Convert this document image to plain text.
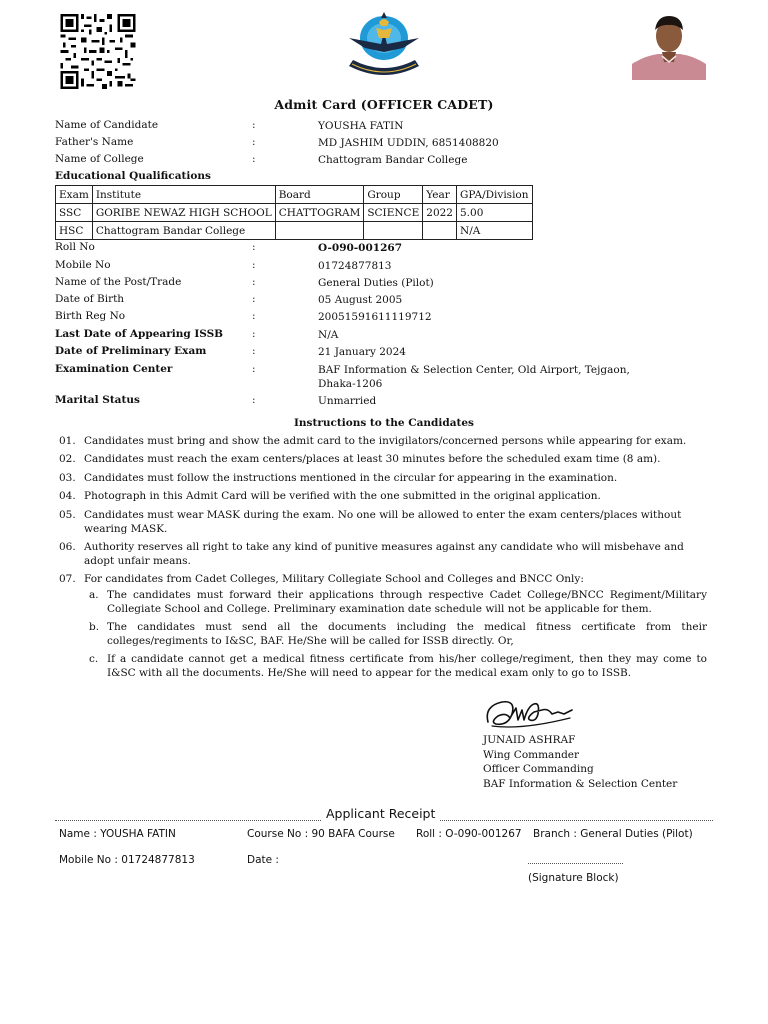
Admit Card (OFFICER CADET)
Name of Candidate	:	YOUSHA FATIN
Father's Name	:	MD JASHIM UDDIN, 6851408820
Name of College	:	Chattogram Bandar College
Educational Qualifications
Exam	Institute	Board	Group	Year	GPA/Division
SSC	GORIBE NEWAZ HIGH SCHOOL	CHATTOGRAM	SCIENCE	2022	5.00
HSC	Chattogram Bandar College				N/A
Roll No	:	O-090-001267
Mobile No	:	01724877813
Name of the Post/Trade	:	General Duties (Pilot)
Date of Birth	:	05 August 2005
Birth Reg No	:	20051591611119712
Last Date of Appearing ISSB	:	N/A
Date of Preliminary Exam	:	21 January 2024
Examination Center	:	BAF Information & Selection Center, Old Airport, Tejgaon, Dhaka-1206
Marital Status	:	Unmarried
Instructions to the Candidates
01. Candidates must bring and show the admit card to the invigilators/concerned persons while appearing for exam.
02. Candidates must reach the exam centers/places at least 30 minutes before the scheduled exam time (8 am).
03. Candidates must follow the instructions mentioned in the circular for appearing in the examination.
04. Photograph in this Admit Card will be verified with the one submitted in the original application.
05. Candidates must wear MASK during the exam. No one will be allowed to enter the exam centers/places without wearing MASK.
06. Authority reserves all right to take any kind of punitive measures against any candidate who will misbehave and adopt unfair means.
07. For candidates from Cadet Colleges, Military Collegiate School and Colleges and BNCC Only:
a. The candidates must forward their applications through respective Cadet College/BNCC Regiment/Military Collegiate School and College. Preliminary examination date schedule will not be applicable for them.
b. The candidates must send all the documents including the medical fitness certificate from their colleges/regiments to I&SC, BAF. He/She will be called for ISSB directly. Or,
c. If a candidate cannot get a medical fitness certificate from his/her college/regiment, then they may come to I&SC with all the documents. He/She will need to appear for the medical exam only to go to ISSB.
JUNAID ASHRAF
Wing Commander
Officer Commanding
BAF Information & Selection Center
Applicant Receipt
Name : YOUSHA FATIN	Course No : 90 BAFA Course Roll : O-090-001267 Branch : General Duties (Pilot)
Mobile No : 01724877813	Date :
(Signature Block)
